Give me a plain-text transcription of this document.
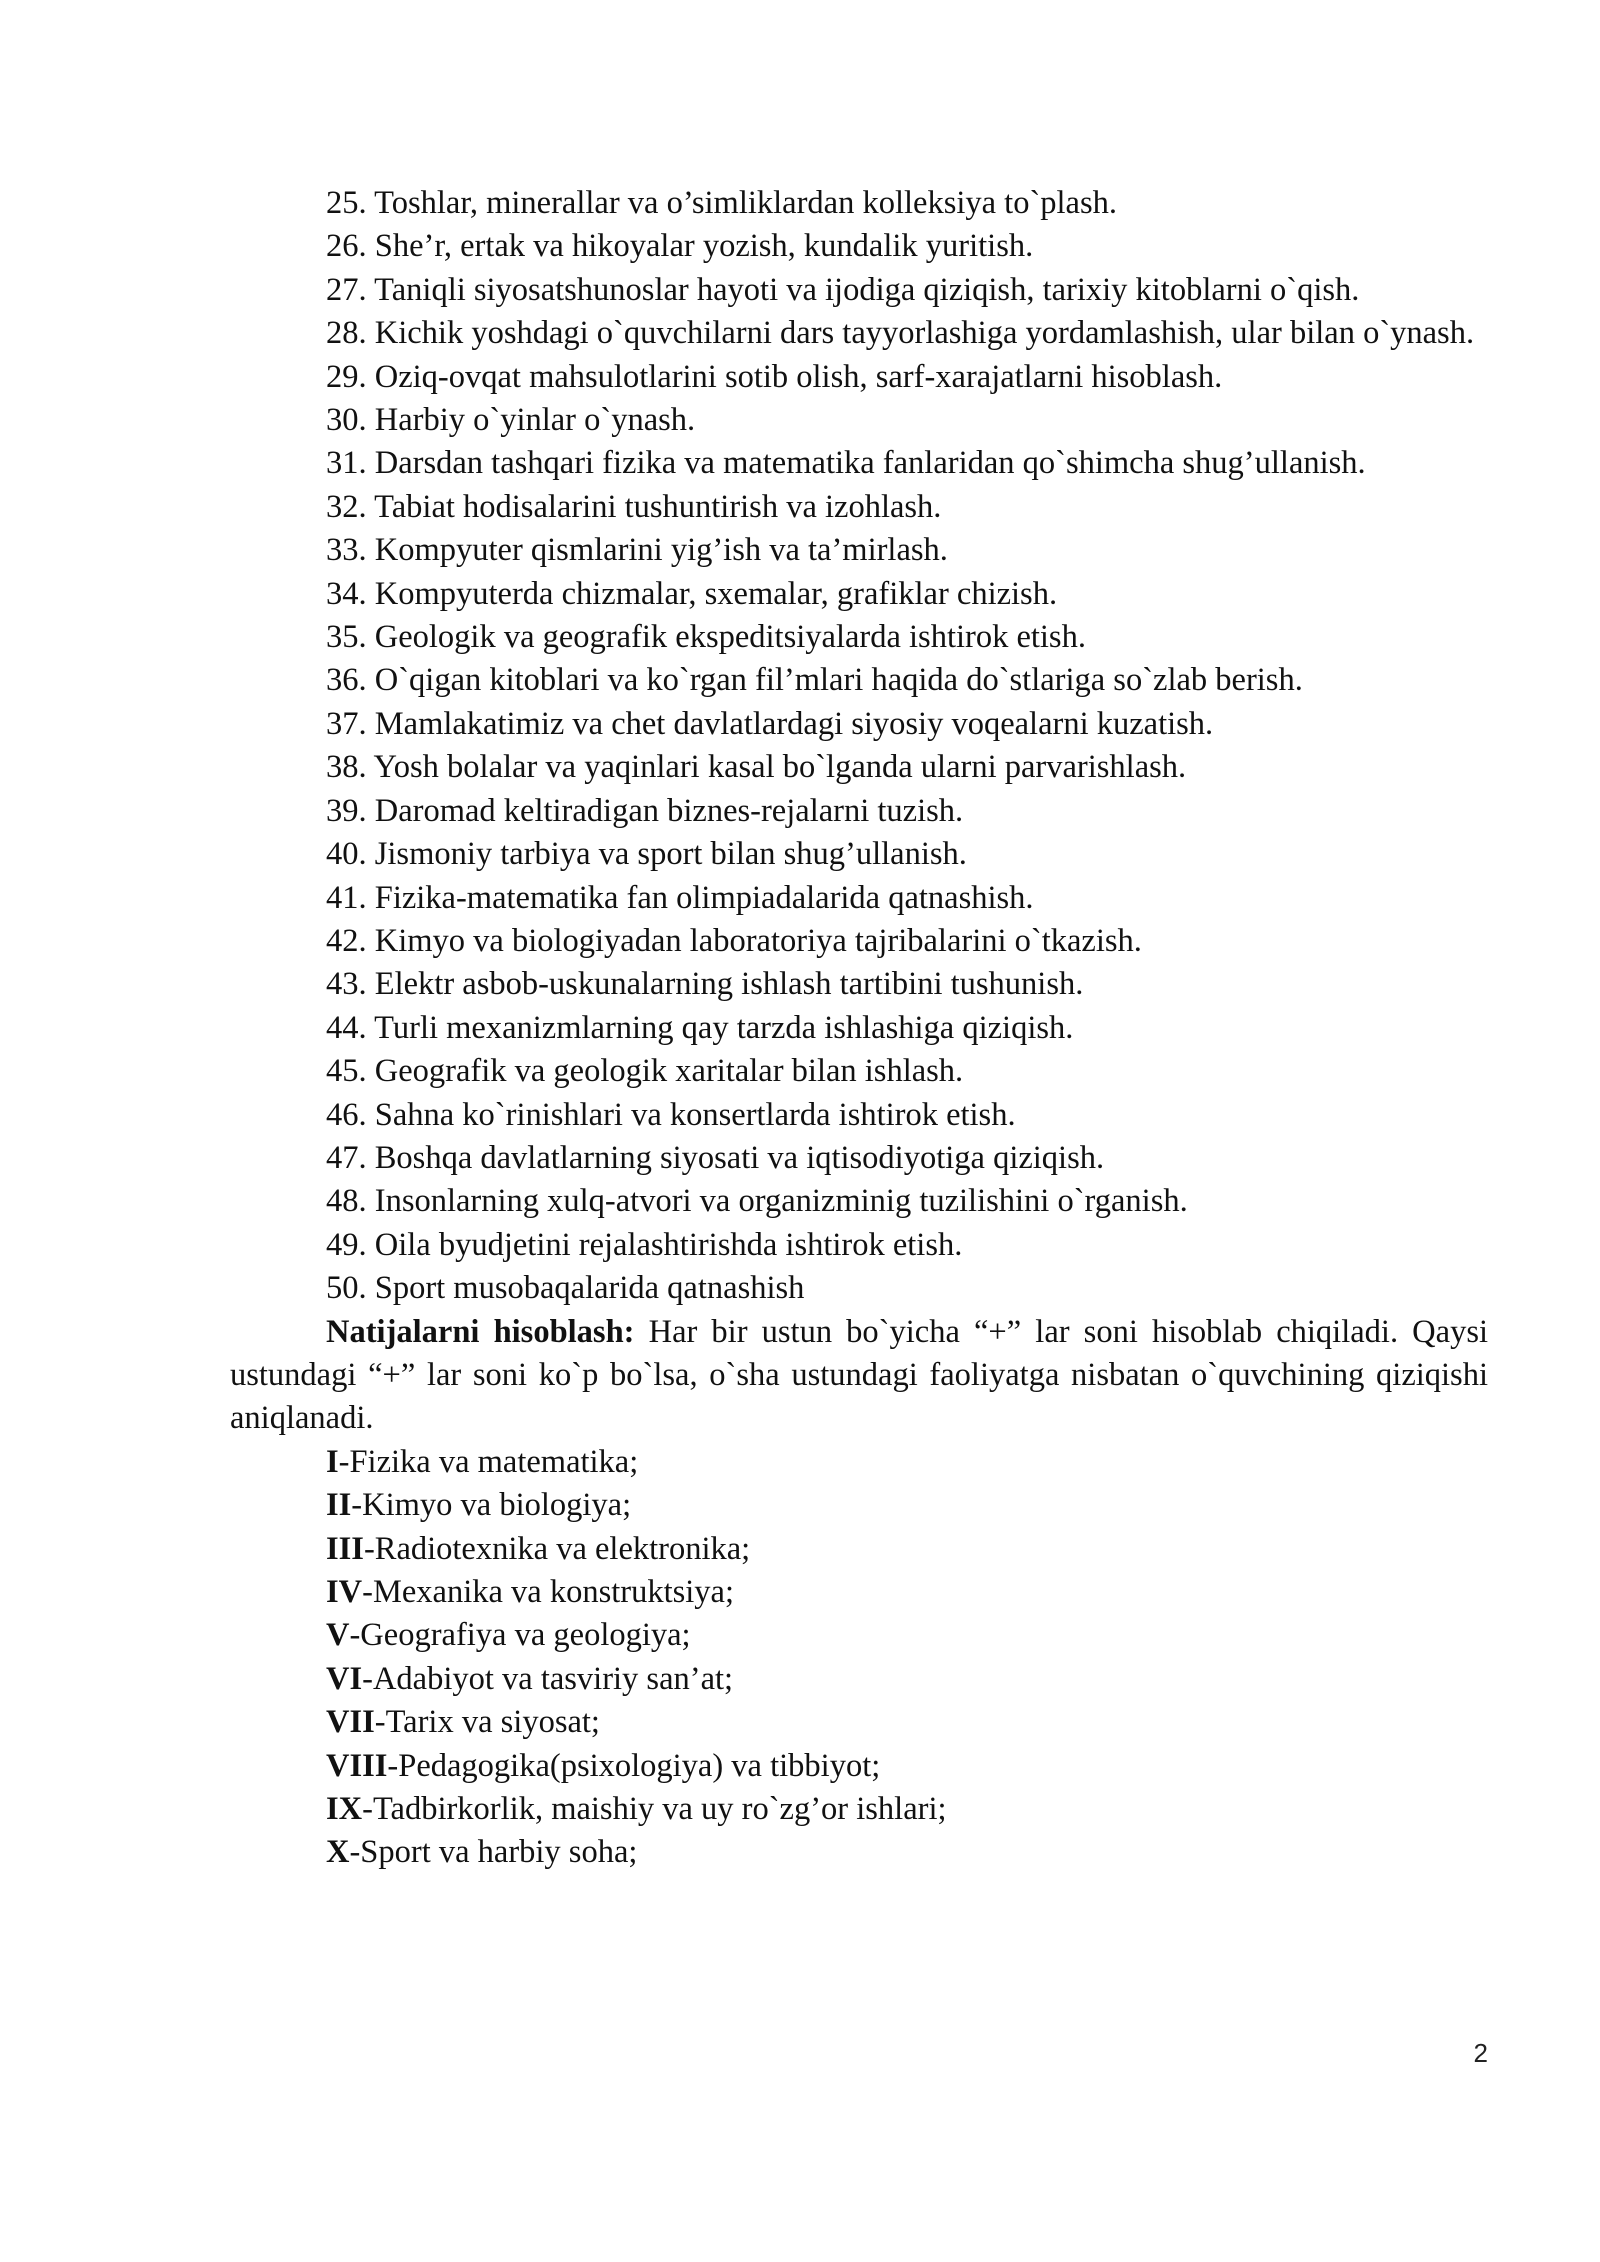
25. Toshlar, minerallar va o’simliklardan kolleksiya to`plash.

26. She’r, ertak va hikoyalar yozish, kundalik yuritish.

27. Taniqli siyosatshunoslar hayoti va ijodiga qiziqish, tarixiy kitoblarni o`qish.

28. Kichik yoshdagi o`quvchilarni dars tayyorlashiga yordamlashish, ular bilan o`ynash.

29. Oziq-ovqat mahsulotlarini sotib olish, sarf-xarajatlarni hisoblash.

30. Harbiy o`yinlar o`ynash.

31. Darsdan tashqari fizika va matematika fanlaridan qo`shimcha shug’ullanish.

32. Tabiat hodisalarini tushuntirish va izohlash.

33. Kompyuter qismlarini yig’ish va ta’mirlash.

34. Kompyuterda chizmalar, sxemalar, grafiklar chizish.

35. Geologik va geografik ekspeditsiyalarda ishtirok etish.

36. O`qigan kitoblari va ko`rgan fil’mlari haqida do`stlariga so`zlab berish.

37. Mamlakatimiz va chet davlatlardagi siyosiy voqealarni kuzatish.

38. Yosh bolalar va yaqinlari kasal bo`lganda ularni parvarishlash.

39. Daromad keltiradigan biznes-rejalarni tuzish.

40. Jismoniy tarbiya va sport bilan shug’ullanish.

41. Fizika-matematika fan olimpiadalarida qatnashish.

42. Kimyo va biologiyadan laboratoriya tajribalarini o`tkazish.

43. Elektr asbob-uskunalarning ishlash tartibini tushunish.

44. Turli mexanizmlarning qay tarzda ishlashiga qiziqish.

45. Geografik va geologik xaritalar bilan ishlash.

46. Sahna ko`rinishlari va konsertlarda ishtirok etish.

47. Boshqa davlatlarning siyosati va iqtisodiyotiga qiziqish.

48. Insonlarning xulq-atvori va organizminig tuzilishini o`rganish.

49. Oila byudjetini rejalashtirishda ishtirok etish.

50. Sport musobaqalarida qatnashish

Natijalarni hisoblash: Har bir ustun bo`yicha “+” lar soni hisoblab chiqiladi. Qaysi ustundagi “+” lar soni ko`p bo`lsa, o`sha ustundagi faoliyatga nisbatan o`quvchining qiziqishi aniqlanadi.

I-Fizika va matematika;

II-Kimyo va biologiya;

III-Radiotexnika va elektronika;

IV-Mexanika va konstruktsiya;

V-Geografiya va geologiya;

VI-Adabiyot va tasviriy san’at;

VII-Tarix va siyosat;

VIII-Pedagogika(psixologiya) va tibbiyot;

IX-Tadbirkorlik, maishiy va uy ro`zg’or ishlari;

X-Sport va harbiy soha;

2
